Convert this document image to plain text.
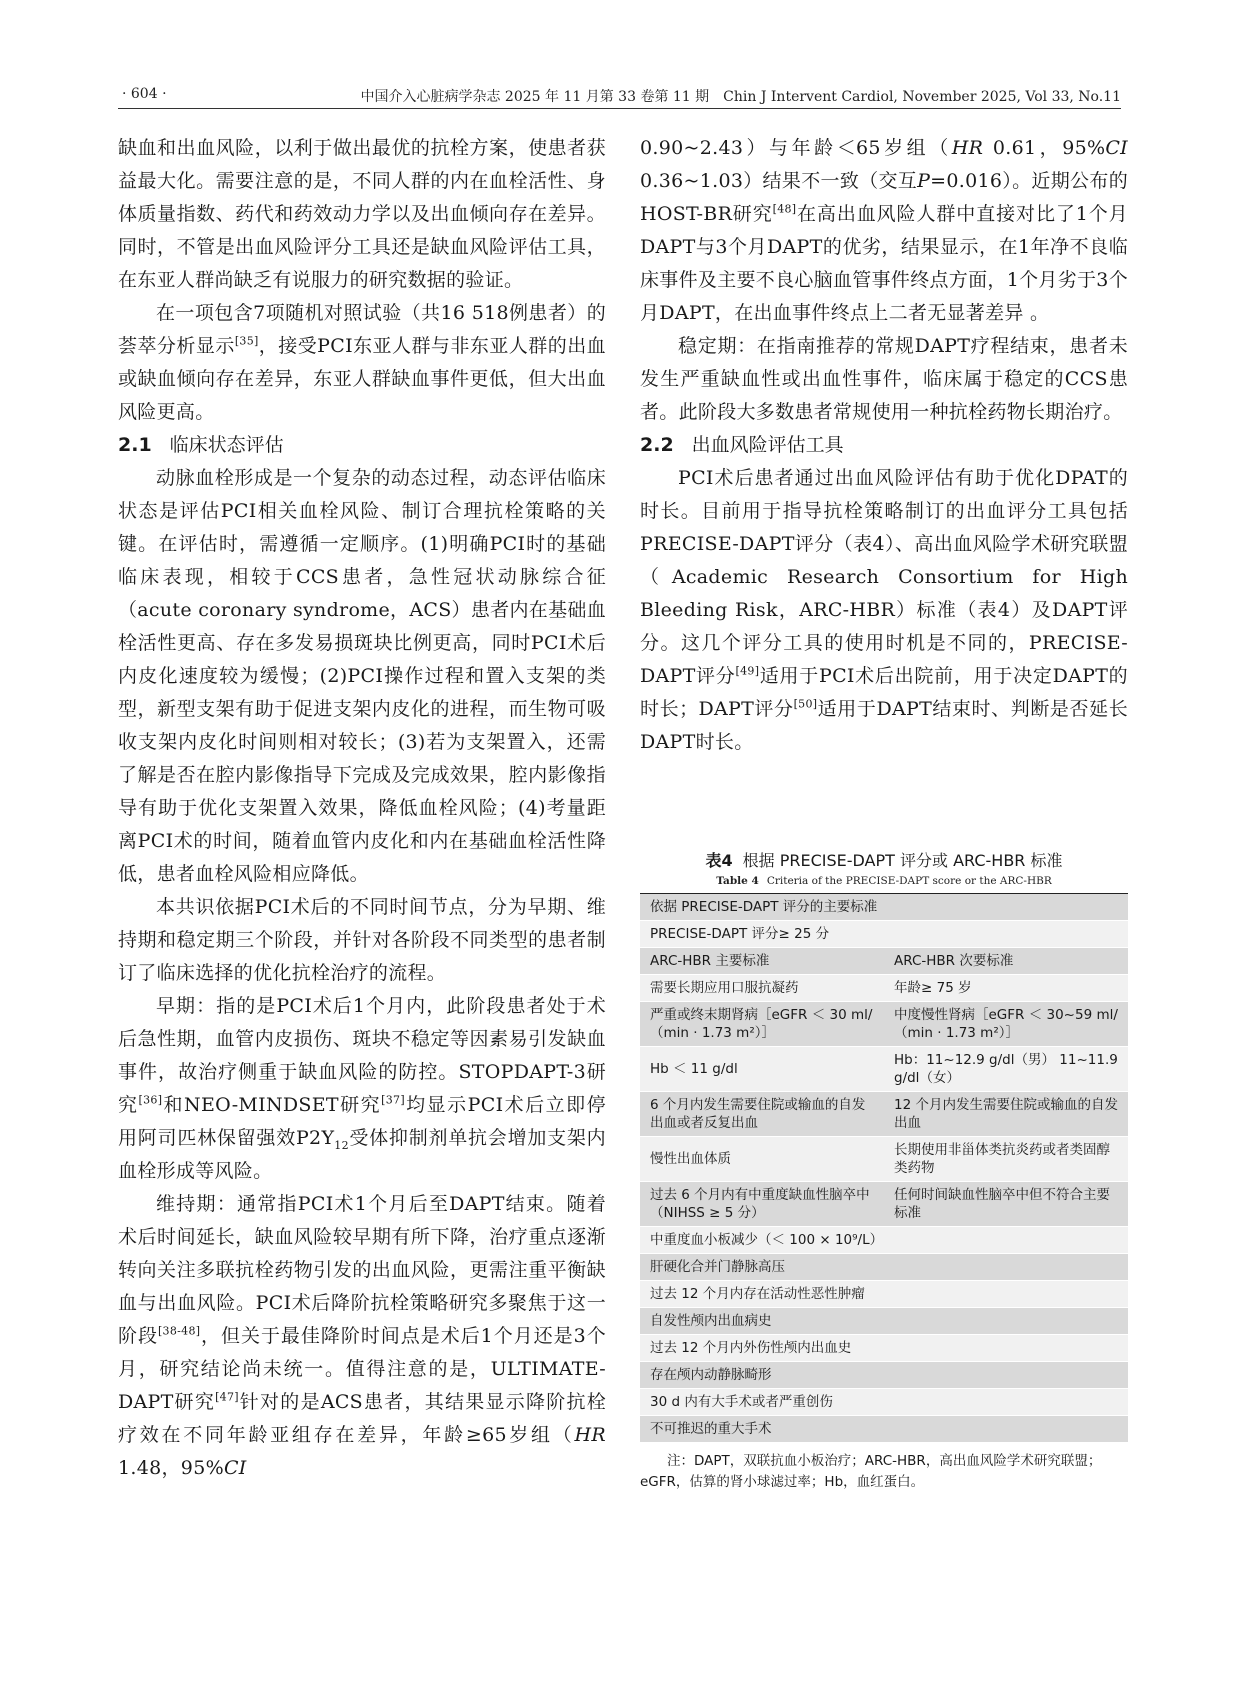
· 604 ·	中国介入心脏病学杂志 2025 年 11 月第 33 卷第 11 期　Chin J Intervent Cardiol, November 2025, Vol 33, No.11

缺血和出血风险，以利于做出最优的抗栓方案，使患者获益最大化。需要注意的是，不同人群的内在血栓活性、身体质量指数、药代和药效动力学以及出血倾向存在差异。同时，不管是出血风险评分工具还是缺血风险评估工具，在东亚人群尚缺乏有说服力的研究数据的验证。

在一项包含7项随机对照试验（共16 518例患者）的荟萃分析显示[35]，接受PCI东亚人群与非东亚人群的出血或缺血倾向存在差异，东亚人群缺血事件更低，但大出血风险更高。

2.1 临床状态评估

动脉血栓形成是一个复杂的动态过程，动态评估临床状态是评估PCI相关血栓风险、制订合理抗栓策略的关键。在评估时，需遵循一定顺序。(1)明确PCI时的基础临床表现，相较于CCS患者，急性冠状动脉综合征（acute coronary syndrome，ACS）患者内在基础血栓活性更高、存在多发易损斑块比例更高，同时PCI术后内皮化速度较为缓慢；(2)PCI操作过程和置入支架的类型，新型支架有助于促进支架内皮化的进程，而生物可吸收支架内皮化时间则相对较长；(3)若为支架置入，还需了解是否在腔内影像指导下完成及完成效果，腔内影像指导有助于优化支架置入效果，降低血栓风险；(4)考量距离PCI术的时间，随着血管内皮化和内在基础血栓活性降低，患者血栓风险相应降低。

本共识依据PCI术后的不同时间节点，分为早期、维持期和稳定期三个阶段，并针对各阶段不同类型的患者制订了临床选择的优化抗栓治疗的流程。

早期：指的是PCI术后1个月内，此阶段患者处于术后急性期，血管内皮损伤、斑块不稳定等因素易引发缺血事件，故治疗侧重于缺血风险的防控。STOPDAPT-3研究[36]和NEO-MINDSET研究[37]均显示PCI术后立即停用阿司匹林保留强效$P2Y_{12}$受体抑制剂单抗会增加支架内血栓形成等风险。

维持期：通常指PCI术1个月后至DAPT结束。随着术后时间延长，缺血风险较早期有所下降，治疗重点逐渐转向关注多联抗栓药物引发的出血风险，更需注重平衡缺血与出血风险。PCI术后降阶抗栓策略研究多聚焦于这一阶段[38-48]，但关于最佳降阶时间点是术后1个月还是3个月，研究结论尚未统一。值得注意的是，ULTIMATE-DAPT研究[47]针对的是ACS患者，其结果显示降阶抗栓疗效在不同年龄亚组存在差异，年龄≥65岁组（HR 1.48，95%CI

0.90~2.43）与年龄＜65岁组（HR 0.61，95%CI 0.36~1.03）结果不一致（交互P=0.016）。近期公布的HOST-BR研究[48]在高出血风险人群中直接对比了1个月DAPT与3个月DAPT的优劣，结果显示，在1年净不良临床事件及主要不良心脑血管事件终点方面，1个月劣于3个月DAPT，在出血事件终点上二者无显著差异 。

稳定期：在指南推荐的常规DAPT疗程结束，患者未发生严重缺血性或出血性事件，临床属于稳定的CCS患者。此阶段大多数患者常规使用一种抗栓药物长期治疗。

2.2 出血风险评估工具

PCI术后患者通过出血风险评估有助于优化DPAT的时长。目前用于指导抗栓策略制订的出血评分工具包括PRECISE-DAPT评分（表4）、高出血风险学术研究联盟（Academic Research Consortium for High Bleeding Risk，ARC-HBR）标准（表4）及DAPT评分。这几个评分工具的使用时机是不同的，PRECISE-DAPT评分[49]适用于PCI术后出院前，用于决定DAPT的时长；DAPT评分[50]适用于DAPT结束时、判断是否延长DAPT时长。

表4 根据 PRECISE-DAPT 评分或 ARC-HBR 标准

Table 4 Criteria of the PRECISE-DAPT score or the ARC-HBR

依据 PRECISE-DAPT 评分的主要标准	
PRECISE-DAPT 评分≥ 25 分	
ARC-HBR 主要标准	ARC-HBR 次要标准
需要长期应用口服抗凝药	年龄≥ 75 岁
严重或终末期肾病［eGFR ＜ 30 ml/（min · 1.73 m²）］	中度慢性肾病［eGFR ＜ 30~59 ml/（min · 1.73 m²）］
Hb ＜ 11 g/dl	Hb：11~12.9 g/dl（男） 11~11.9 g/dl（女）
6 个月内发生需要住院或输血的自发出血或者反复出血	12 个月内发生需要住院或输血的自发出血
慢性出血体质	长期使用非甾体类抗炎药或者类固醇类药物
过去 6 个月内有中重度缺血性脑卒中（NIHSS ≥ 5 分）	任何时间缺血性脑卒中但不符合主要标准
中重度血小板减少（＜ 100 × 10⁹/L）	
肝硬化合并门静脉高压	
过去 12 个月内存在活动性恶性肿瘤	
自发性颅内出血病史	
过去 12 个月内外伤性颅内出血史	
存在颅内动静脉畸形	
30 d 内有大手术或者严重创伤	
不可推迟的重大手术	

注：DAPT，双联抗血小板治疗；ARC-HBR，高出血风险学术研究联盟；eGFR，估算的肾小球滤过率；Hb，血红蛋白。
